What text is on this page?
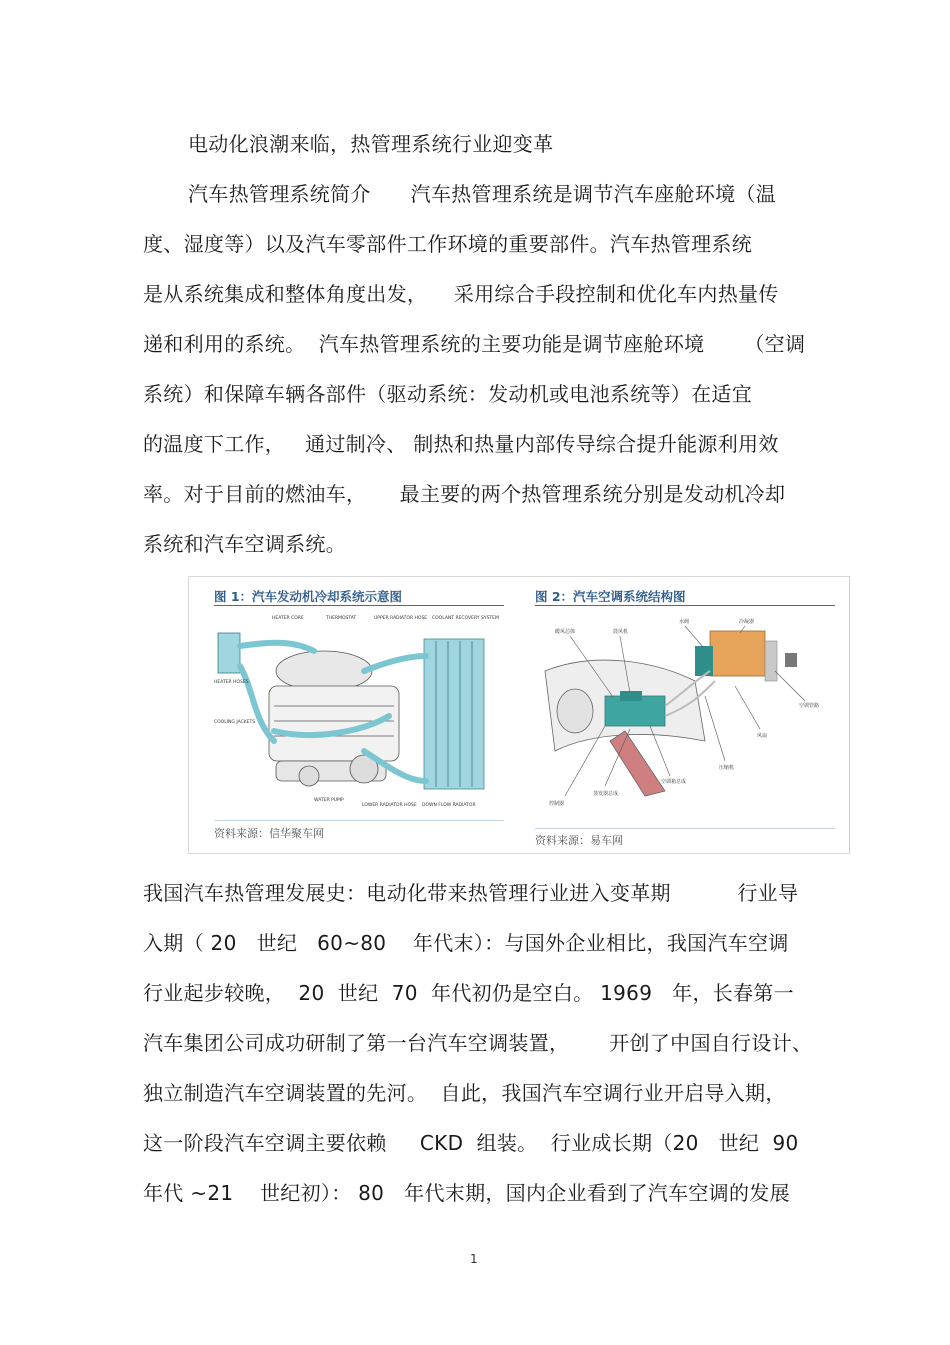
电动化浪潮来临，热管理系统行业迎变革
汽车热管理系统简介      汽车热管理系统是调节汽车座舱环境（温
度、湿度等）以及汽车零部件工作环境的重要部件。汽车热管理系统
是从系统集成和整体角度出发，    采用综合手段控制和优化车内热量传
递和利用的系统。  汽车热管理系统的主要功能是调节座舱环境      （空调
系统）和保障车辆各部件（驱动系统：发动机或电池系统等）在适宜
的温度下工作，   通过制冷、 制热和热量内部传导综合提升能源利用效
率。对于目前的燃油车，     最主要的两个热管理系统分别是发动机冷却
系统和汽车空调系统。
图 1：汽车发动机冷却系统示意图
HEATER CORE	THERMOSTAT	UPPER RADIATOR HOSE COOLANT RECOVERY SYSTEM
HEATER HOSES
COOLING JACKETS
WATER PUMP
LOWER RADIATOR HOSE DOWN FLOW RADIATOR
资料来源：信华聚车网
图 2：汽车空调系统结构图
暖风芯体	鼓风机
水阀	冷凝器
空调管路
风扇
压缩机
空调箱总成
蒸发器总成
控制器
资料来源：易车网
我国汽车热管理发展史：电动化带来热管理行业进入变革期          行业导
入期（ 20   世纪   60~80    年代末）：与国外企业相比，我国汽车空调
行业起步较晚，  20  世纪  70  年代初仍是空白。 1969   年，长春第一
汽车集团公司成功研制了第一台汽车空调装置，      开创了中国自行设计、
独立制造汽车空调装置的先河。  自此，我国汽车空调行业开启导入期，
这一阶段汽车空调主要依赖     CKD  组装。  行业成长期（20   世纪  90
年代 ~21    世纪初）： 80   年代末期，国内企业看到了汽车空调的发展
1
